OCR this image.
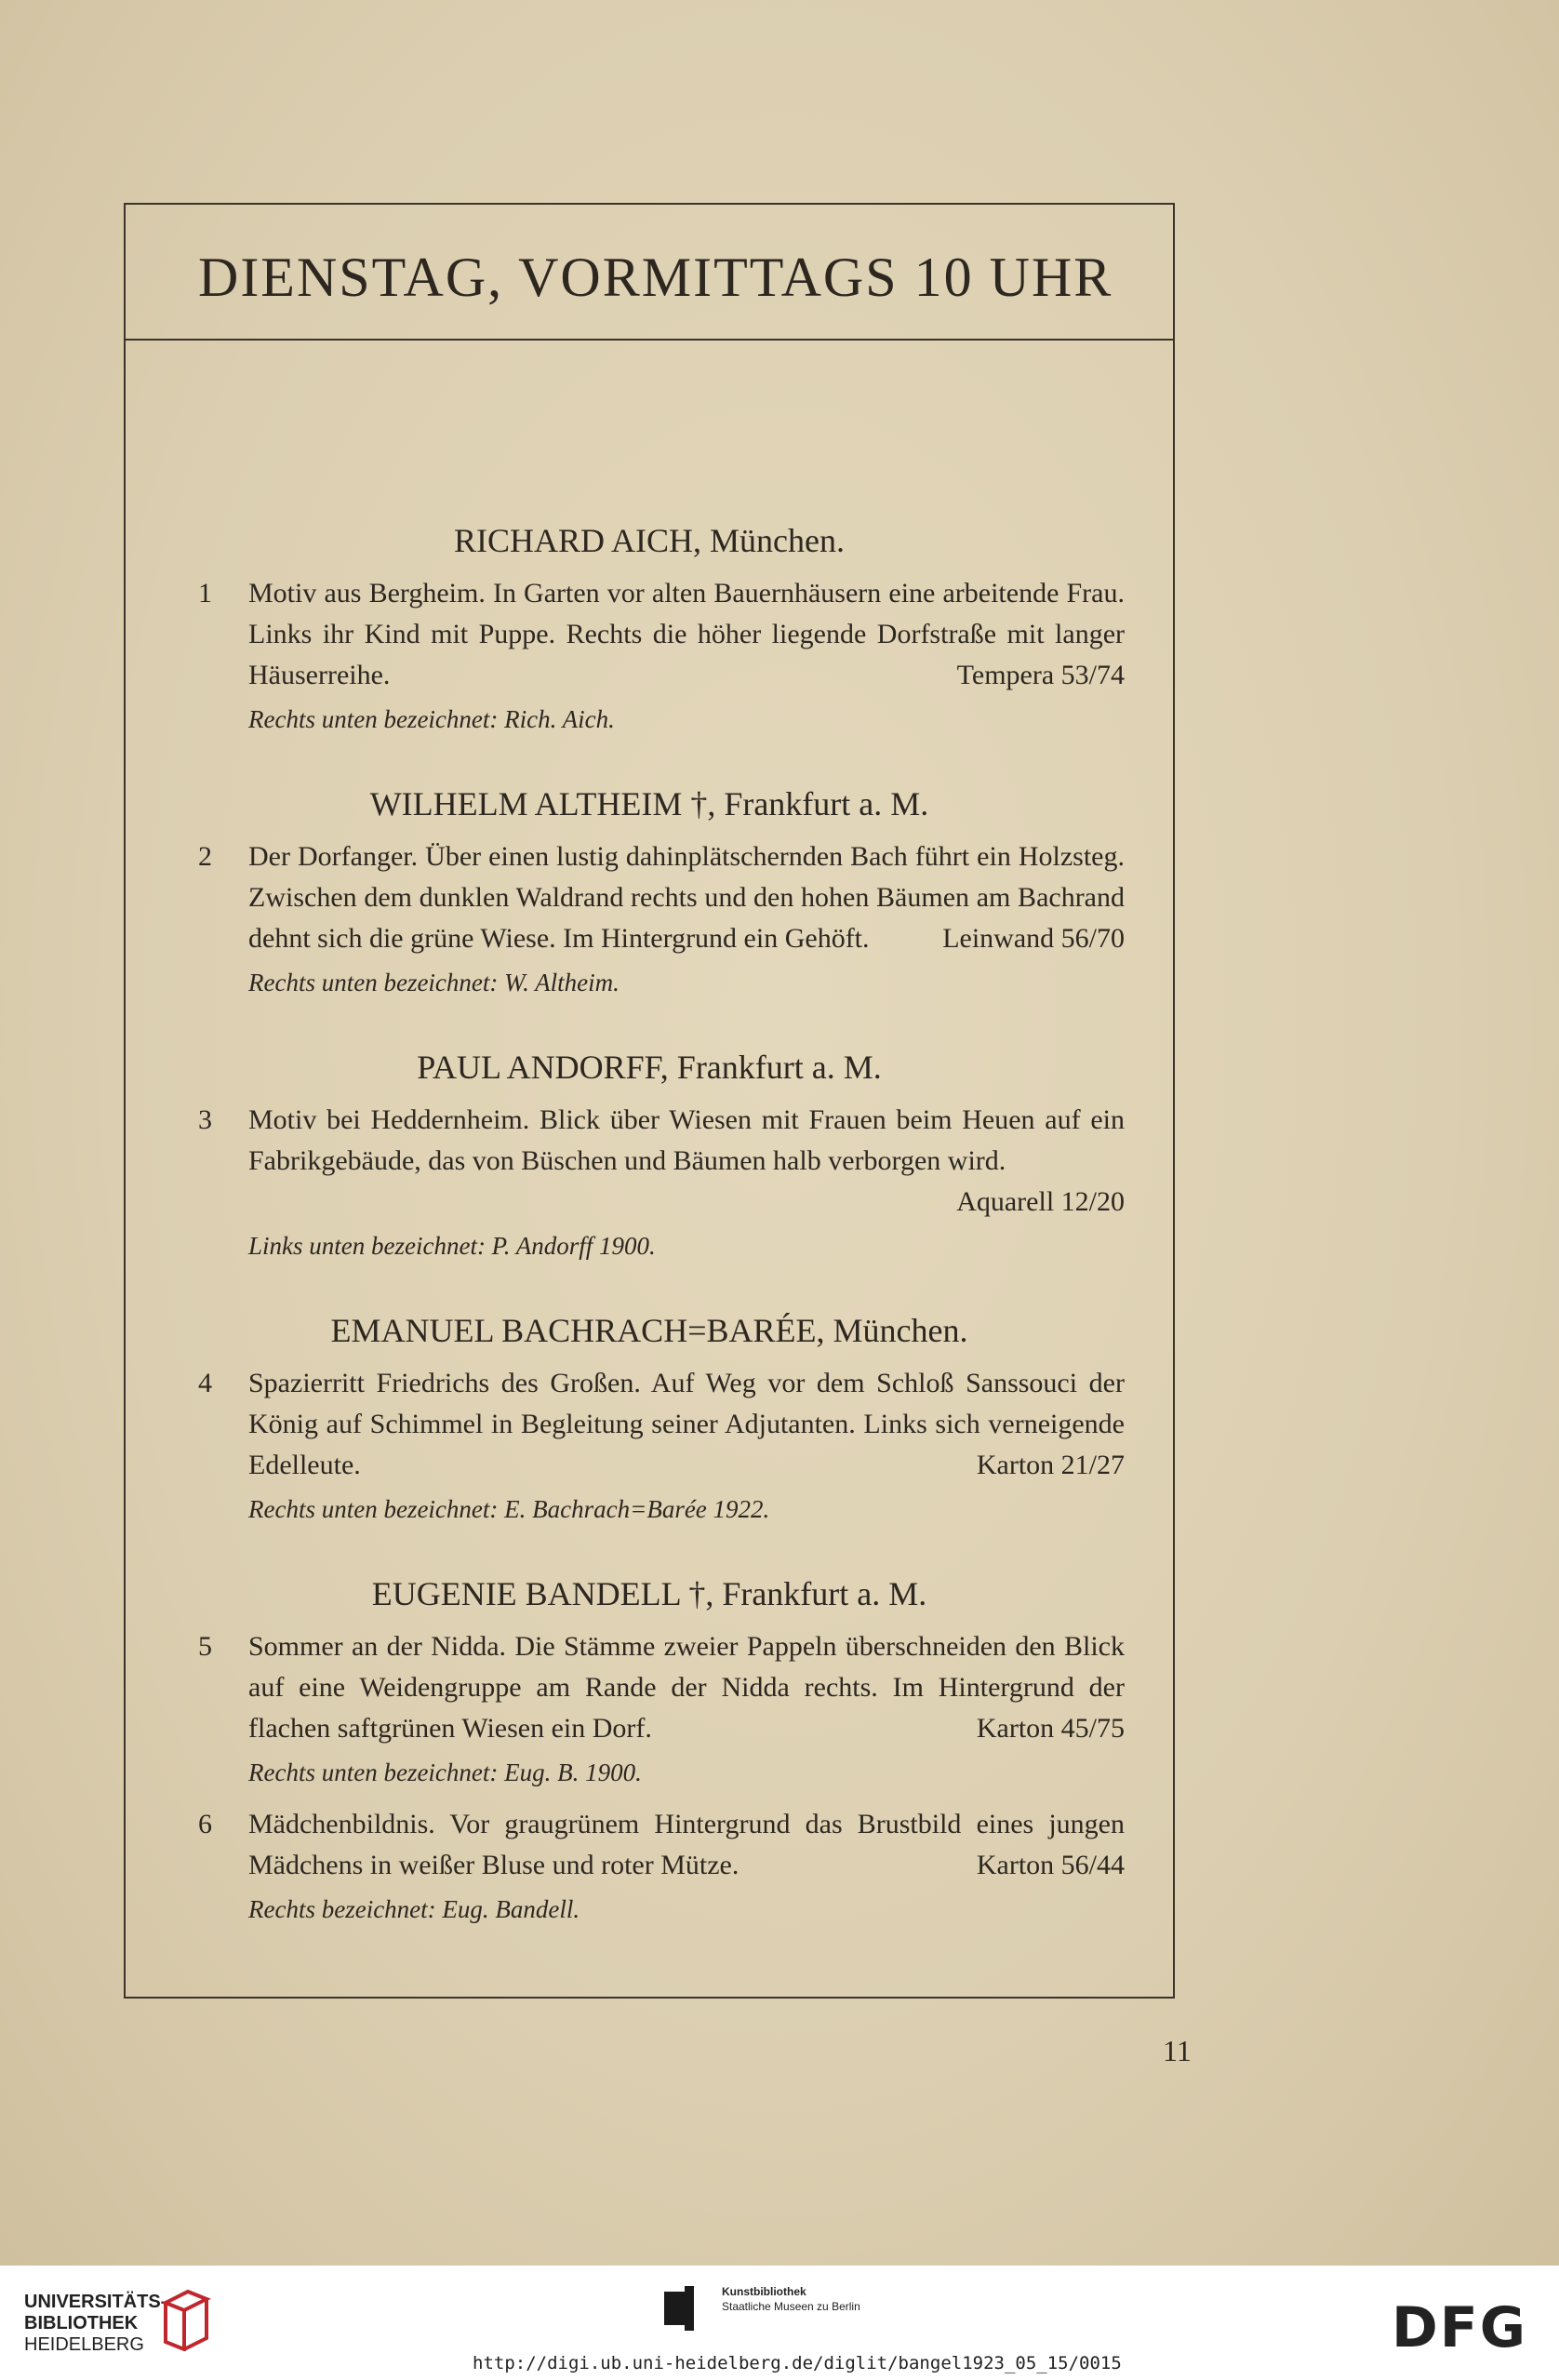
DIENSTAG, VORMITTAGS 10 UHR

RICHARD AICH, München.

1 Motiv aus Bergheim. In Garten vor alten Bauernhäusern eine arbeitende Frau. Links ihr Kind mit Puppe. Rechts die höher liegende Dorfstraße mit langer Häuserreihe.	Tempera 53/74

Rechts unten bezeichnet: Rich. Aich.

WILHELM ALTHEIM †, Frankfurt a. M.

2 Der Dorfanger. Über einen lustig dahinplätschernden Bach führt ein Holzsteg. Zwischen dem dunklen Waldrand rechts und den hohen Bäumen am Bachrand dehnt sich die grüne Wiese. Im Hintergrund ein Gehöft.	Leinwand 56/70

Rechts unten bezeichnet: W. Altheim.

PAUL ANDORFF, Frankfurt a. M.

3 Motiv bei Heddernheim. Blick über Wiesen mit Frauen beim Heuen auf ein Fabrikgebäude, das von Büschen und Bäumen halb verborgen wird.
Aquarell 12/20

Links unten bezeichnet: P. Andorff 1900.

EMANUEL BACHRACH=BARÉE, München.

4 Spazierritt Friedrichs des Großen. Auf Weg vor dem Schloß Sanssouci der König auf Schimmel in Begleitung seiner Adjutanten. Links sich verneigende Edelleute.	Karton 21/27

Rechts unten bezeichnet: E. Bachrach=Barée 1922.

EUGENIE BANDELL †, Frankfurt a. M.

5 Sommer an der Nidda. Die Stämme zweier Pappeln überschneiden den Blick auf eine Weidengruppe am Rande der Nidda rechts. Im Hintergrund der flachen saftgrünen Wiesen ein Dorf.	Karton 45/75

Rechts unten bezeichnet: Eug. B. 1900.

6 Mädchenbildnis. Vor graugrünem Hintergrund das Brustbild eines jungen Mädchens in weißer Bluse und roter Mütze.	Karton 56/44

Rechts bezeichnet: Eug. Bandell.

11
UNIVERSITÄTS-
BIBLIOTHEK
HEIDELBERG
Kunstbibliothek
Staatliche Museen zu Berlin	DFG
http://digi.ub.uni-heidelberg.de/diglit/bangel1923_05_15/0015
